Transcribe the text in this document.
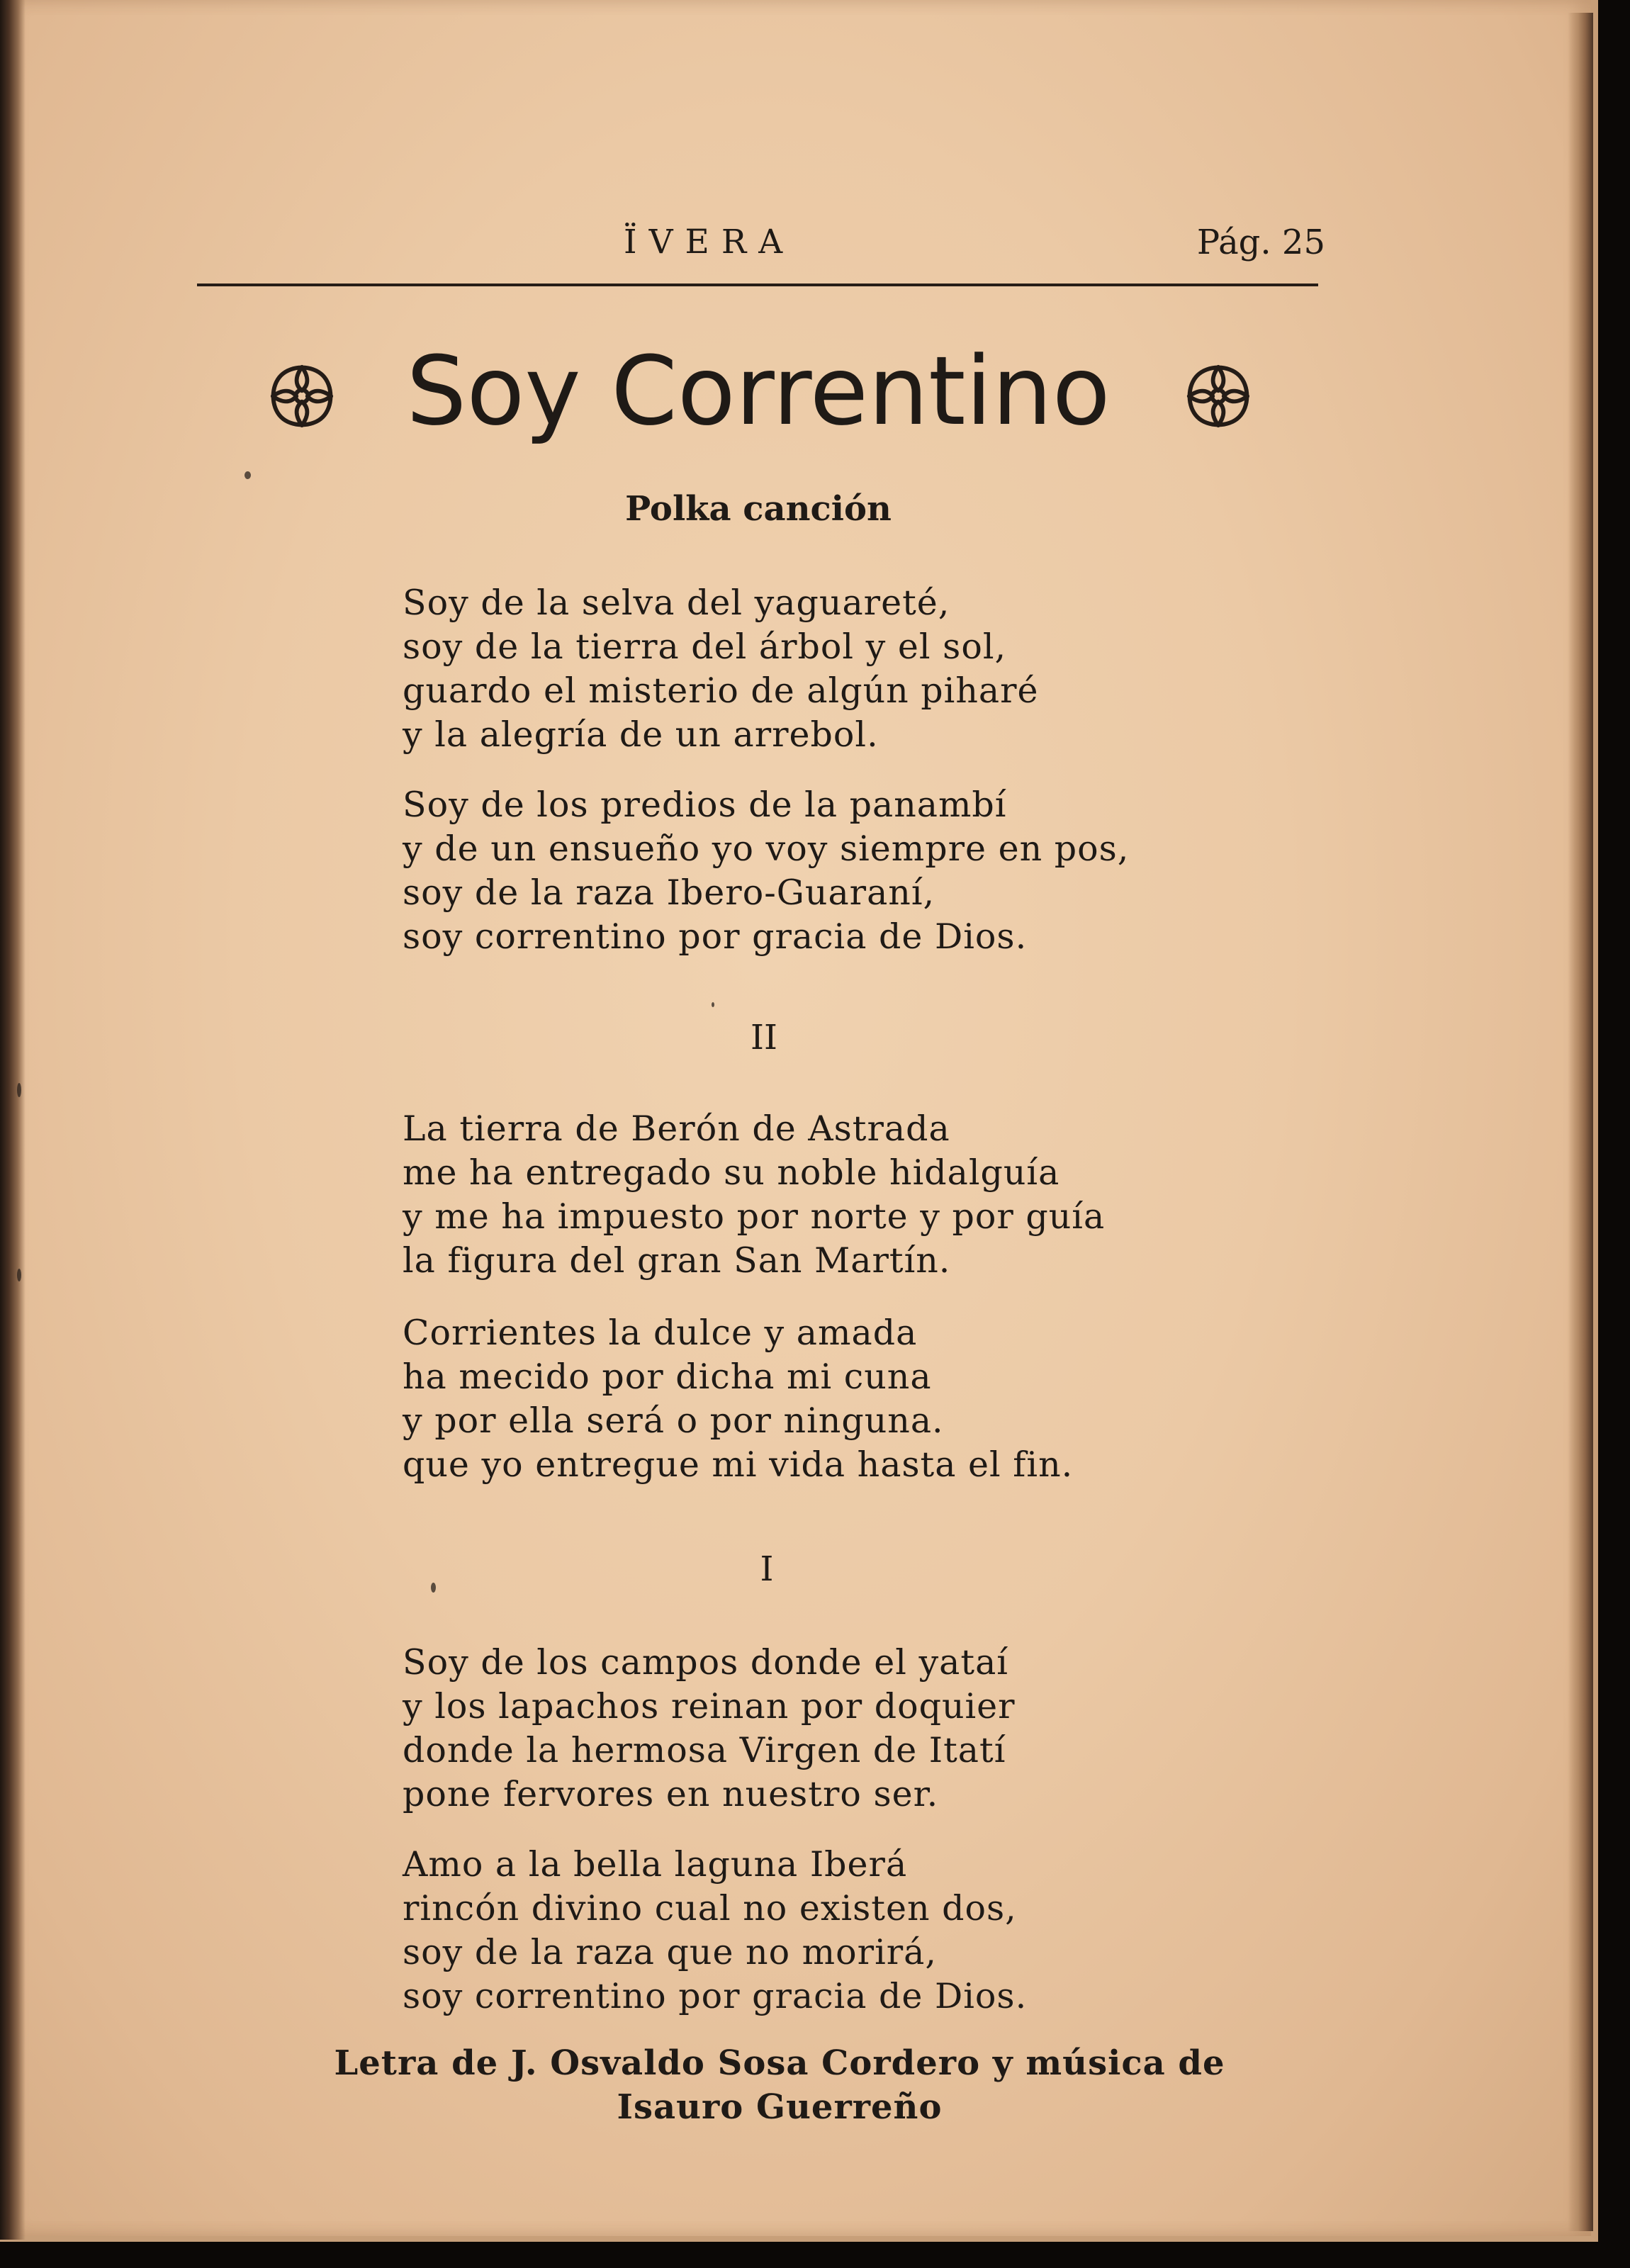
ÏVERA	Pág. 25
Soy Correntino
Polka canción
Soy de la selva del yaguareté,
soy de la tierra del árbol y el sol,
guardo el misterio de algún piharé
y la alegría de un arrebol.
Soy de los predios de la panambí
y de un ensueño yo voy siempre en pos,
soy de la raza Ibero-Guaraní,
soy correntino por gracia de Dios.
II
La tierra de Berón de Astrada
me ha entregado su noble hidalguía
y me ha impuesto por norte y por guía
la figura del gran San Martín.
Corrientes la dulce y amada
ha mecido por dicha mi cuna
y por ella será o por ninguna.
que yo entregue mi vida hasta el fin.
I
Soy de los campos donde el yataí
y los lapachos reinan por doquier
donde la hermosa Virgen de Itatí
pone fervores en nuestro ser.
Amo a la bella laguna Iberá
rincón divino cual no existen dos,
soy de la raza que no morirá,
soy correntino por gracia de Dios.
Letra de J. Osvaldo Sosa Cordero y música de
Isauro Guerreño
